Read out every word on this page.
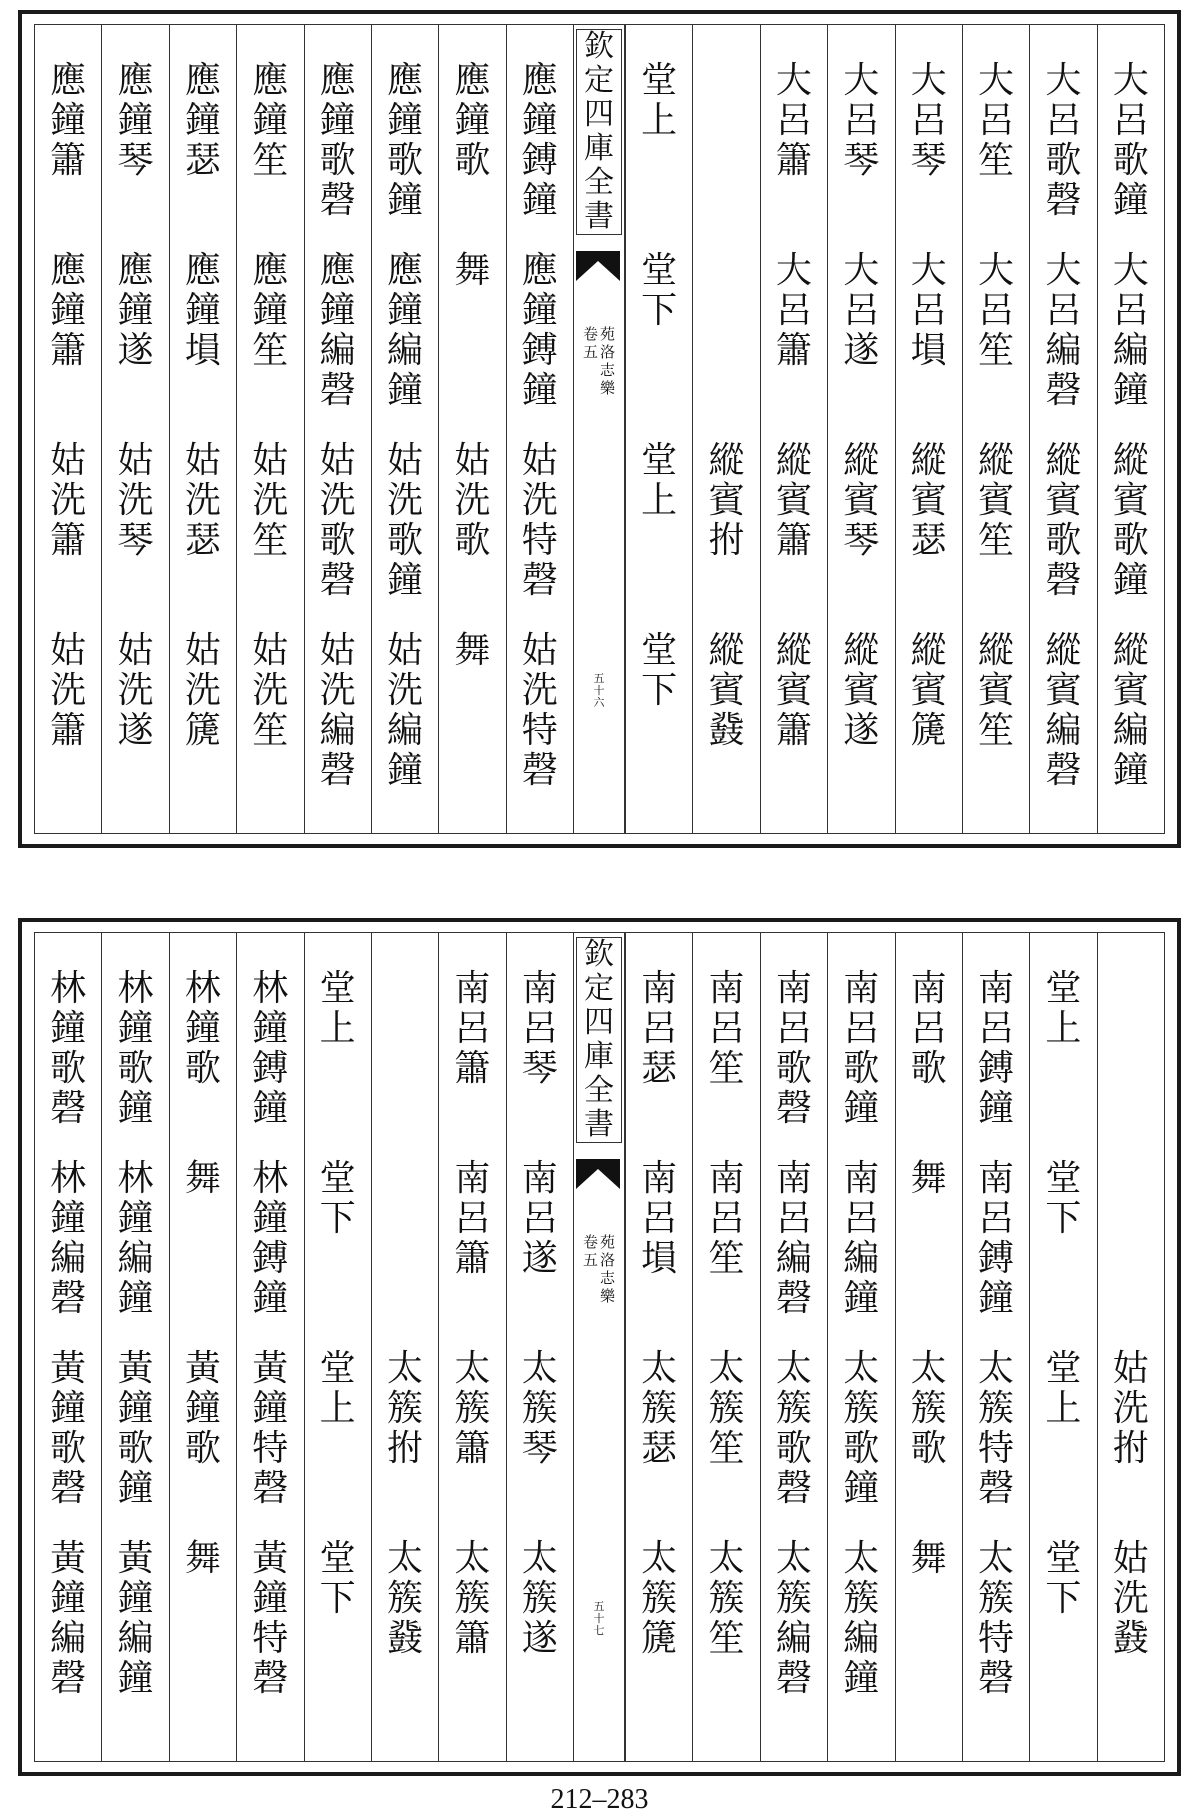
大
呂
歌
鐘
大
呂
編
鐘
縱
賓
歌
鐘
縱
賓
編
鐘
大
呂
歌
磬
大
呂
編
磬
縱
賓
歌
磬
縱
賓
編
磬
大
呂
笙
大
呂
笙
縱
賓
笙
縱
賓
笙
大
呂
琴
大
呂
塤
縱
賓
瑟
縱
賓
篪
大
呂
琴
大
呂
遂
縱
賓
琴
縱
賓
遂
大
呂
簫
大
呂
簫
縱
賓
簫
縱
賓
簫
縱
賓
拊
縱
賓
鼗
堂
上
堂
下
堂
上
堂
下
欽
定
四
庫
全
書
苑
洛
志
樂
卷
五
五
十
六
應
鐘
鎛
鐘
應
鐘
鎛
鐘
姑
洗
特
磬
姑
洗
特
磬
應
鐘
歌
舞
姑
洗
歌
舞
應
鐘
歌
鐘
應
鐘
編
鐘
姑
洗
歌
鐘
姑
洗
編
鐘
應
鐘
歌
磬
應
鐘
編
磬
姑
洗
歌
磬
姑
洗
編
磬
應
鐘
笙
應
鐘
笙
姑
洗
笙
姑
洗
笙
應
鐘
瑟
應
鐘
塤
姑
洗
瑟
姑
洗
篪
應
鐘
琴
應
鐘
遂
姑
洗
琴
姑
洗
遂
應
鐘
簫
應
鐘
簫
姑
洗
簫
姑
洗
簫
姑
洗
拊
姑
洗
鼗
堂
上
堂
下
堂
上
堂
下
南
呂
鎛
鐘
南
呂
鎛
鐘
太
簇
特
磬
太
簇
特
磬
南
呂
歌
舞
太
簇
歌
舞
南
呂
歌
鐘
南
呂
編
鐘
太
簇
歌
鐘
太
簇
編
鐘
南
呂
歌
磬
南
呂
編
磬
太
簇
歌
磬
太
簇
編
磬
南
呂
笙
南
呂
笙
太
簇
笙
太
簇
笙
南
呂
瑟
南
呂
塤
太
簇
瑟
太
簇
篪
欽
定
四
庫
全
書
苑
洛
志
樂
卷
五
五
十
七
南
呂
琴
南
呂
遂
太
簇
琴
太
簇
遂
南
呂
簫
南
呂
簫
太
簇
簫
太
簇
簫
太
簇
拊
太
簇
鼗
堂
上
堂
下
堂
上
堂
下
林
鐘
鎛
鐘
林
鐘
鎛
鐘
黃
鐘
特
磬
黃
鐘
特
磬
林
鐘
歌
舞
黃
鐘
歌
舞
林
鐘
歌
鐘
林
鐘
編
鐘
黃
鐘
歌
鐘
黃
鐘
編
鐘
林
鐘
歌
磬
林
鐘
編
磬
黃
鐘
歌
磬
黃
鐘
編
磬
212–283
